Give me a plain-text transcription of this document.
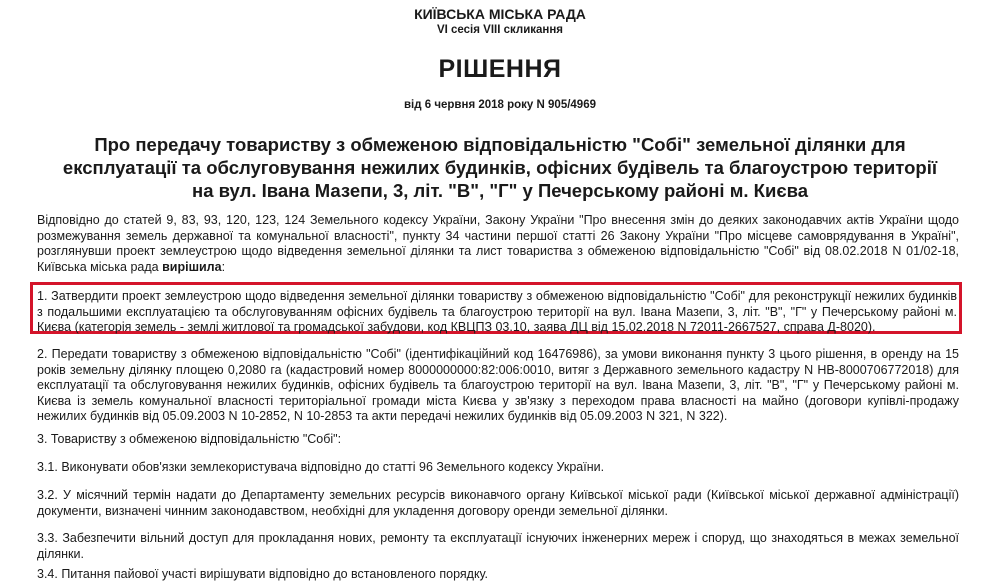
КИЇВСЬКА МІСЬКА РАДА
VI сесія VIII скликання
РІШЕННЯ
від 6 червня 2018 року N 905/4969
Про передачу товариству з обмеженою відповідальністю "Собі" земельної ділянки для експлуатації та обслуговування нежилих будинків, офісних будівель та благоустрою території на вул. Івана Мазепи, 3, літ. "В", "Г" у Печерському районі м. Києва
Відповідно до статей 9, 83, 93, 120, 123, 124 Земельного кодексу України, Закону України "Про внесення змін до деяких законодавчих актів України щодо розмежування земель державної та комунальної власності", пункту 34 частини першої статті 26 Закону України "Про місцеве самоврядування в Україні", розглянувши проект землеустрою щодо відведення земельної ділянки та лист товариства з обмеженою відповідальністю "Собі" від 08.02.2018 N 01/02-18, Київська міська рада вирішила:
1. Затвердити проект землеустрою щодо відведення земельної ділянки товариству з обмеженою відповідальністю "Собі" для реконструкції нежилих будинків з подальшими експлуатацією та обслуговуванням офісних будівель та благоустрою території на вул. Івана Мазепи, 3, літ. "В", "Г" у Печерському районі м. Києва (категорія земель - землі житлової та громадської забудови, код КВЦПЗ 03.10, заява ДЦ від 15.02.2018 N 72011-2667527, справа Д-8020).
2. Передати товариству з обмеженою відповідальністю "Собі" (ідентифікаційний код 16476986), за умови виконання пункту 3 цього рішення, в оренду на 15 років земельну ділянку площею 0,2080 га (кадастровий номер 8000000000:82:006:0010, витяг з Державного земельного кадастру N НВ-8000706772018) для експлуатації та обслуговування нежилих будинків, офісних будівель та благоустрою території на вул. Івана Мазепи, 3, літ. "В", "Г" у Печерському районі м. Києва із земель комунальної власності територіальної громади міста Києва у зв'язку з переходом права власності на майно (договори купівлі-продажу нежилих будинків від 05.09.2003 N 10-2852, N 10-2853 та акти передачі нежилих будинків від 05.09.2003 N 321, N 322).
3. Товариству з обмеженою відповідальністю "Собі":
3.1. Виконувати обов'язки землекористувача відповідно до статті 96 Земельного кодексу України.
3.2. У місячний термін надати до Департаменту земельних ресурсів виконавчого органу Київської міської ради (Київської міської державної адміністрації) документи, визначені чинним законодавством, необхідні для укладення договору оренди земельної ділянки.
3.3. Забезпечити вільний доступ для прокладання нових, ремонту та експлуатації існуючих інженерних мереж і споруд, що знаходяться в межах земельної ділянки.
3.4. Питання пайової участі вирішувати відповідно до встановленого порядку.
